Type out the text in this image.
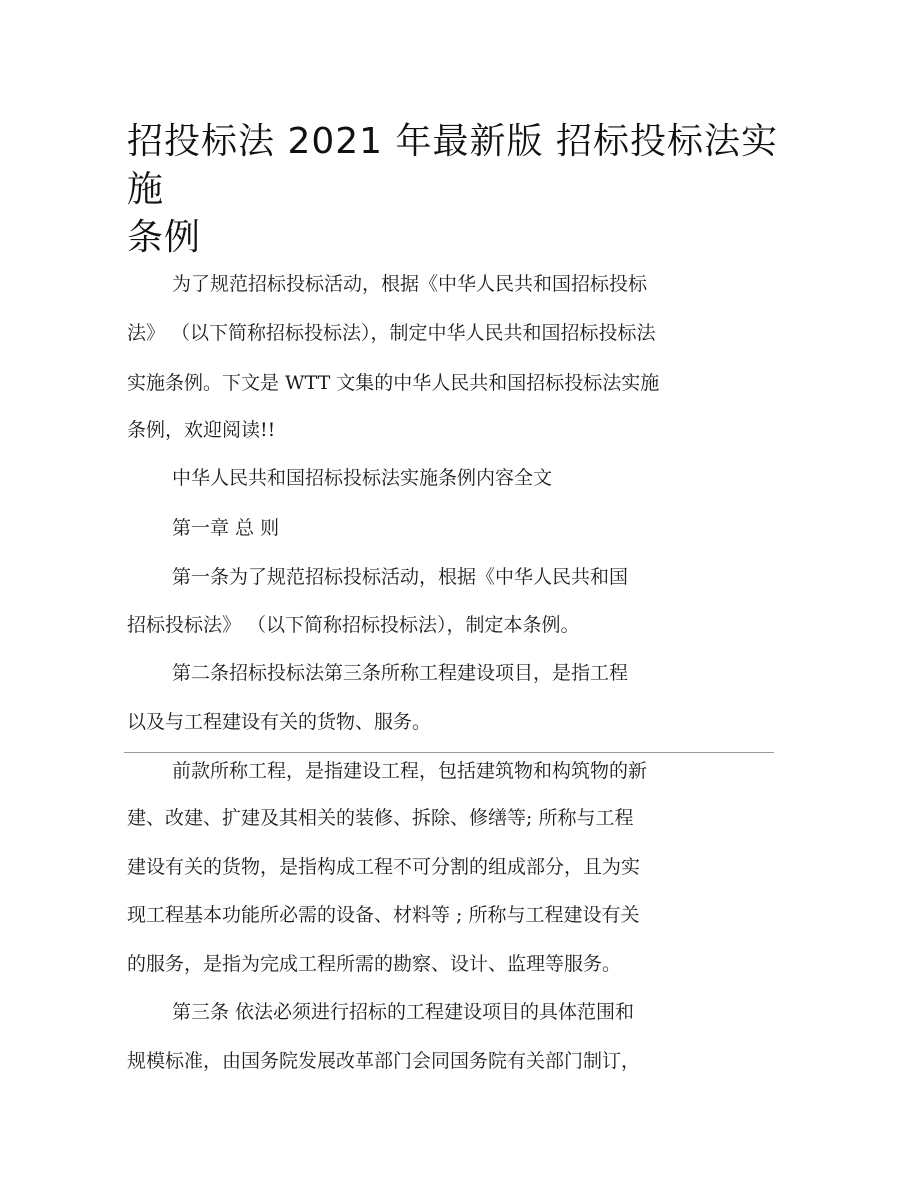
招投标法 2021 年最新版 招标投标法实施
条例
为了规范招标投标活动，根据《中华人民共和国招标投标
法》 （以下简称招标投标法），制定中华人民共和国招标投标法
实施条例。下文是 WTT 文集的中华人民共和国招标投标法实施
条例，欢迎阅读!!
中华人民共和国招标投标法实施条例内容全文
第一章 总 则
第一条为了规范招标投标活动，根据《中华人民共和国
招标投标法》 （以下简称招标投标法），制定本条例。
第二条招标投标法第三条所称工程建设项目，是指工程
以及与工程建设有关的货物、服务。
前款所称工程，是指建设工程，包括建筑物和构筑物的新
建、改建、扩建及其相关的装修、拆除、修缮等; 所称与工程
建设有关的货物，是指构成工程不可分割的组成部分，且为实
现工程基本功能所必需的设备、材料等 ; 所称与工程建设有关
的服务，是指为完成工程所需的勘察、设计、监理等服务。
第三条 依法必须进行招标的工程建设项目的具体范围和
规模标准，由国务院发展改革部门会同国务院有关部门制订，
